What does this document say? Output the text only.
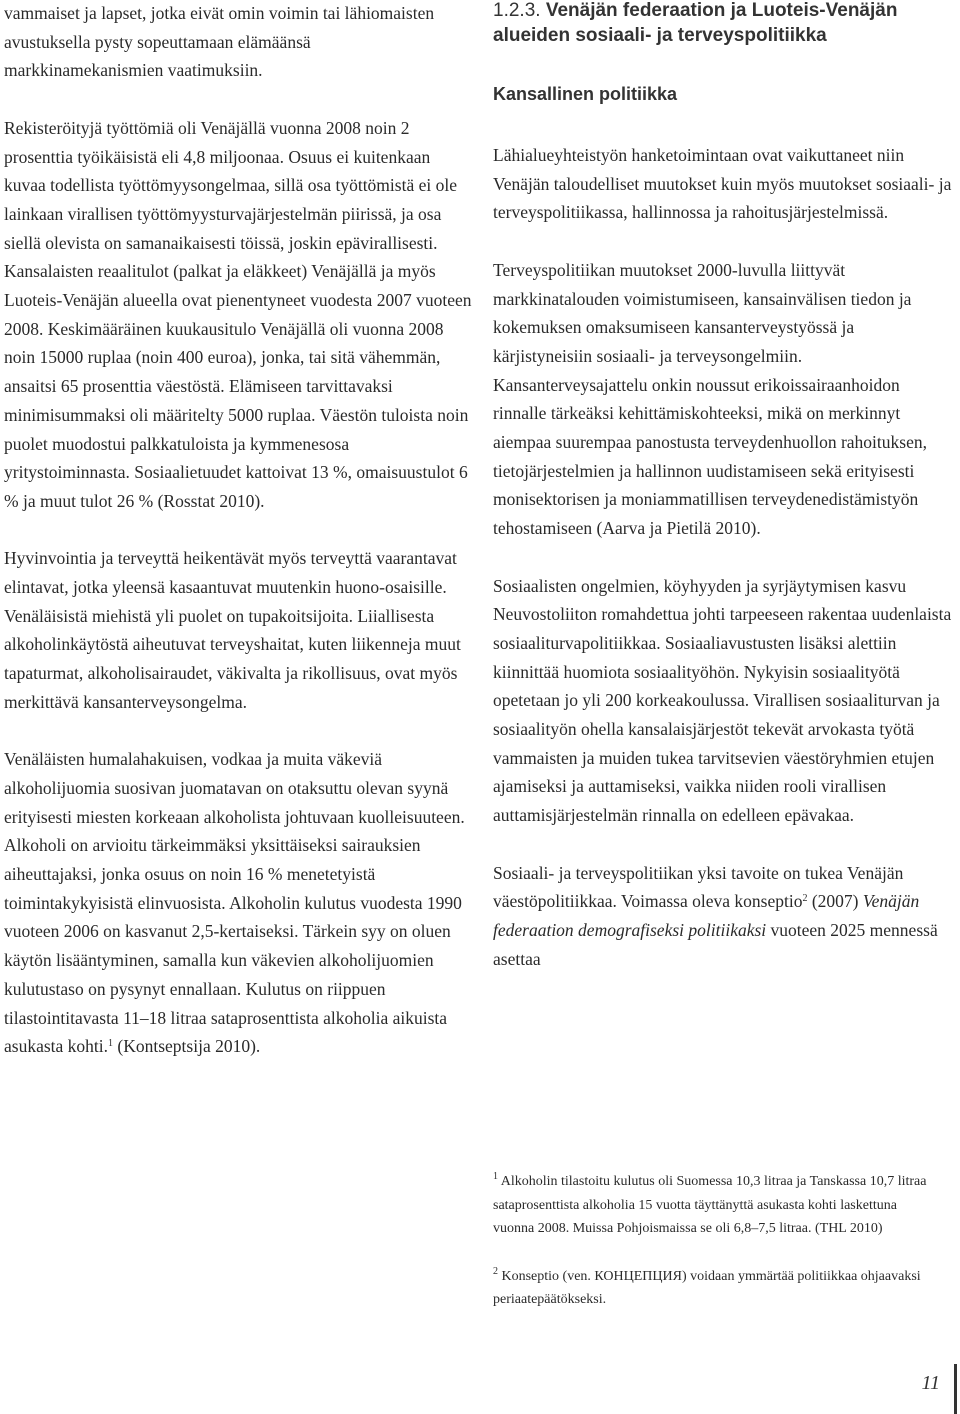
vammaiset ja lapset, jotka eivät omin voimin tai lähiomaisten avustuksella pysty sopeuttamaan elämäänsä markkinamekanismien vaatimuksiin.

Rekisteröityjä työttömiä oli Venäjällä vuonna 2008 noin 2 prosenttia työikäisistä eli 4,8 miljoonaa. Osuus ei kuitenkaan kuvaa todellista työttömyysongelmaa, sillä osa työttömistä ei ole lainkaan virallisen työttömyysturvajärjestelmän piirissä, ja osa siellä olevista on samanaikaisesti töissä, joskin epävirallisesti. Kansalaisten reaalitulot (palkat ja eläkkeet) Venäjällä ja myös Luoteis-Venäjän alueella ovat pienentyneet vuodesta 2007 vuoteen 2008. Keskimääräinen kuukausitulo Venäjällä oli vuonna 2008 noin 15000 ruplaa (noin 400 euroa), jonka, tai sitä vähemmän, ansaitsi 65 prosenttia väestöstä. Elämiseen tarvittavaksi minimisummaksi oli määritelty 5000 ruplaa. Väestön tuloista noin puolet muodostui palkkatuloista ja kymmenesosa yritystoiminnasta. Sosiaalietuudet kattoivat 13 %, omaisuustulot 6 % ja muut tulot 26 % (Rosstat 2010).

Hyvinvointia ja terveyttä heikentävät myös terveyttä vaarantavat elintavat, jotka yleensä kasaantuvat muutenkin huono-osaisille. Venäläisistä miehistä yli puolet on tupakoitsijoita. Liiallisesta alkoholinkäytöstä aiheutuvat terveyshaitat, kuten liikenneja muut tapaturmat, alkoholisairaudet, väkivalta ja rikollisuus, ovat myös merkittävä kansanterveysongelma.

Venäläisten humalahakuisen, vodkaa ja muita väkeviä alkoholijuomia suosivan juomatavan on otaksuttu olevan syynä erityisesti miesten korkeaan alkoholista johtuvaan kuolleisuuteen. Alkoholi on arvioitu tärkeimmäksi yksittäiseksi sairauksien aiheuttajaksi, jonka osuus on noin 16 % menetetyistä toimintakykyisistä elinvuosista. Alkoholin kulutus vuodesta 1990 vuoteen 2006 on kasvanut 2,5-kertaiseksi. Tärkein syy on oluen käytön lisääntyminen, samalla kun väkevien alkoholijuomien kulutustaso on pysynyt ennallaan. Kulutus on riippuen tilastointitavasta 11–18 litraa sataprosenttista alkoholia aikuista asukasta kohti.$^1$ (Kontseptsija 2010).

1.2.3. Venäjän federaation ja Luoteis-Venäjän alueiden sosiaali- ja terveyspolitiikka
Kansallinen politiikka

Lähialueyhteistyön hanketoimintaan ovat vaikuttaneet niin Venäjän taloudelliset muutokset kuin myös muutokset sosiaali- ja terveyspolitiikassa, hallinnossa ja rahoitusjärjestelmissä.

Terveyspolitiikan muutokset 2000-luvulla liittyvät markkinatalouden voimistumiseen, kansainvälisen tiedon ja kokemuksen omaksumiseen kansanterveystyössä ja kärjistyneisiin sosiaali- ja terveysongelmiin. Kansanterveysajattelu onkin noussut erikoissairaanhoidon rinnalle tärkeäksi kehittämiskohteeksi, mikä on merkinnyt aiempaa suurempaa panostusta terveydenhuollon rahoituksen, tietojärjestelmien ja hallinnon uudistamiseen sekä erityisesti monisektorisen ja moniammatillisen terveydenedistämistyön tehostamiseen (Aarva ja Pietilä 2010).

Sosiaalisten ongelmien, köyhyyden ja syrjäytymisen kasvu Neuvostoliiton romahdettua johti tarpeeseen rakentaa uudenlaista sosiaaliturvapolitiikkaa. Sosiaaliavustusten lisäksi alettiin kiinnittää huomiota sosiaalityöhön. Nykyisin sosiaalityötä opetetaan jo yli 200 korkeakoulussa. Virallisen sosiaaliturvan ja sosiaalityön ohella kansalaisjärjestöt tekevät arvokasta työtä vammaisten ja muiden tukea tarvitsevien väestöryhmien etujen ajamiseksi ja auttamiseksi, vaikka niiden rooli virallisen auttamisjärjestelmän rinnalla on edelleen epävakaa.

Sosiaali- ja terveyspolitiikan yksi tavoite on tukea Venäjän väestöpolitiikkaa. Voimassa oleva konseptio$^2$ (2007) Venäjän federaation demografiseksi politiikaksi vuoteen 2025 mennessä asettaa

$^1$ Alkoholin tilastoitu kulutus oli Suomessa 10,3 litraa ja Tanskassa 10,7 litraa sataprosenttista alkoholia 15 vuotta täyttänyttä asukasta kohti laskettuna vuonna 2008. Muissa Pohjoismaissa se oli 6,8–7,5 litraa. (THL 2010)

$^2$ Konseptio (ven. КОНЦЕПЦИЯ) voidaan ymmärtää politiikkaa ohjaavaksi periaatepäätökseksi.

11
